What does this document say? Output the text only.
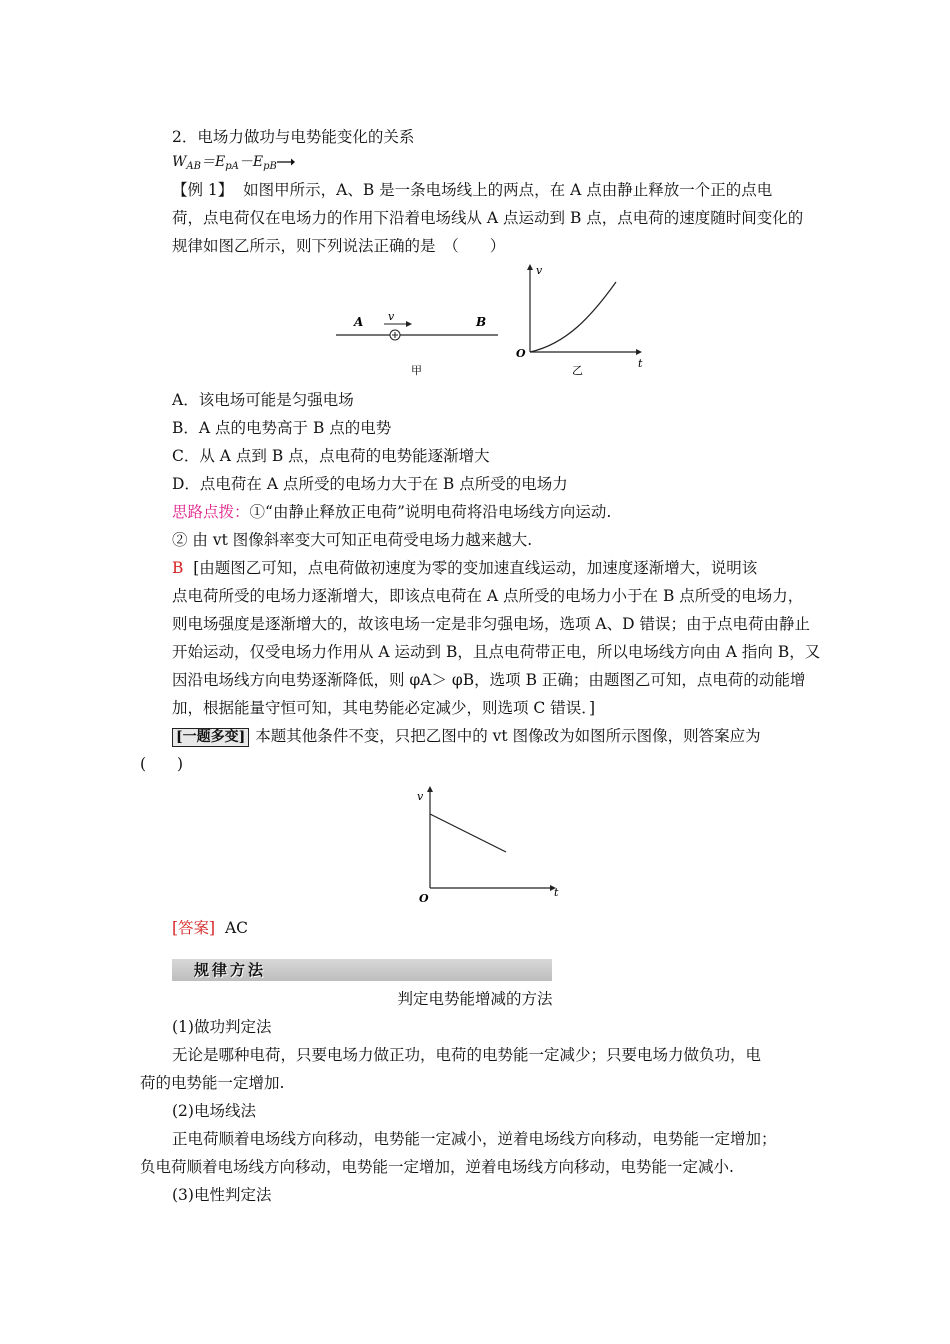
2．电场力做功与电势能变化的关系
$W_{AB}=E_{pA}-E_{pB}$
【例 1】 如图甲所示，A、B 是一条电场线上的两点，在 A 点由静止释放一个正的点电
荷，点电荷仅在电场力的作用下沿着电场线从 A 点运动到 B 点，点电荷的速度随时间变化的
规律如图乙所示，则下列说法正确的是　（　　）
A v	B
甲
v
t
O
乙
A．该电场可能是匀强电场
B．A 点的电势高于 B 点的电势
C．从 A 点到 B 点，点电荷的电势能逐渐增大
D．点电荷在 A 点所受的电场力大于在 B 点所受的电场力
思路点拨：①“由静止释放正电荷”说明电荷将沿电场线方向运动.
② 由 vt 图像斜率变大可知正电荷受电场力越来越大.
B [由题图乙可知，点电荷做初速度为零的变加速直线运动，加速度逐渐增大，说明该
点电荷所受的电场力逐渐增大，即该点电荷在 A 点所受的电场力小于在 B 点所受的电场力，
则电场强度是逐渐增大的，故该电场一定是非匀强电场，选项 A、D 错误；由于点电荷由静止
开始运动，仅受电场力作用从 A 运动到 B，且点电荷带正电，所以电场线方向由 A 指向 B，又
因沿电场线方向电势逐渐降低，则 φA＞ φB，选项 B 正确；由题图乙可知，点电荷的动能增
加，根据能量守恒可知，其电势能必定减少，则选项 C 错误．]
[一题多变] 本题其他条件不变，只把乙图中的 vt 图像改为如图所示图像，则答案应为
(　　)
v
t
O
[答案] AC
规律方法
判定电势能增减的方法
(1)做功判定法
无论是哪种电荷，只要电场力做正功，电荷的电势能一定减少；只要电场力做负功，电
荷的电势能一定增加.
(2)电场线法
正电荷顺着电场线方向移动，电势能一定减小，逆着电场线方向移动，电势能一定增加；
负电荷顺着电场线方向移动，电势能一定增加，逆着电场线方向移动，电势能一定减小.
(3)电性判定法
